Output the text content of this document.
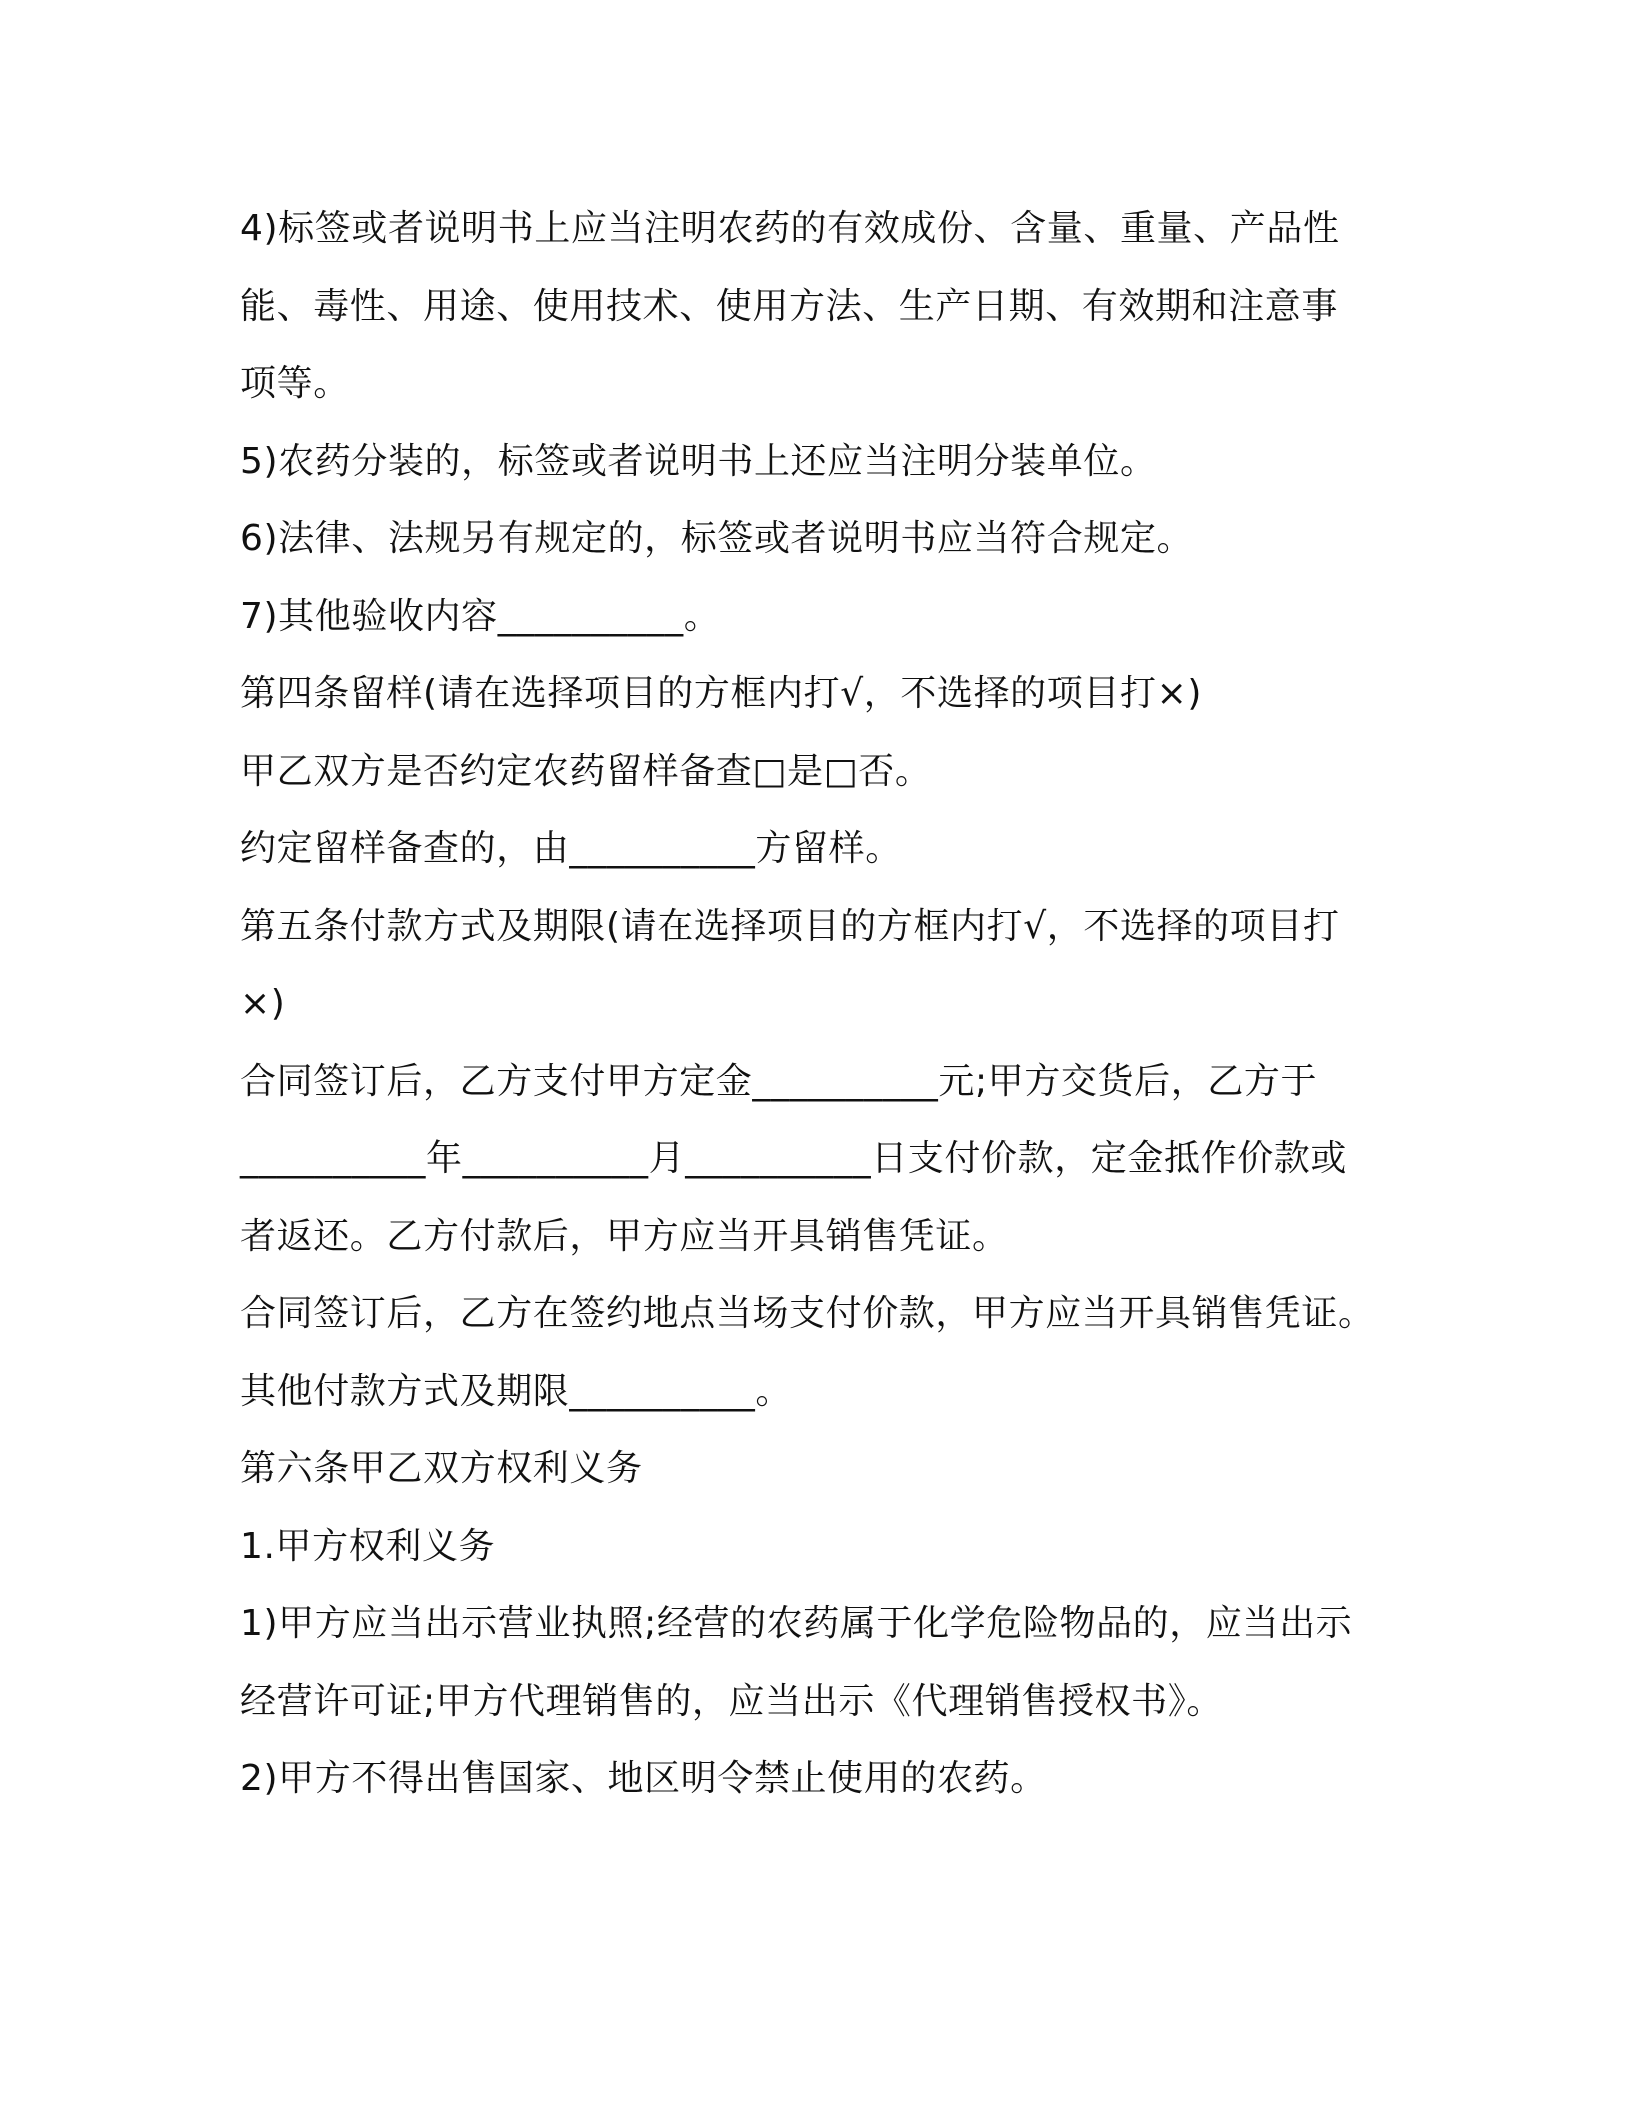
4)标签或者说明书上应当注明农药的有效成份、含量、重量、产品性
能、毒性、用途、使用技术、使用方法、生产日期、有效期和注意事
项等。
5)农药分装的，标签或者说明书上还应当注明分装单位。
6)法律、法规另有规定的，标签或者说明书应当符合规定。
7)其他验收内容__________。
第四条留样(请在选择项目的方框内打√，不选择的项目打×)
甲乙双方是否约定农药留样备查□是□否。
约定留样备查的，由__________方留样。
第五条付款方式及期限(请在选择项目的方框内打√，不选择的项目打
×)
合同签订后，乙方支付甲方定金__________元;甲方交货后，乙方于
__________年__________月__________日支付价款，定金抵作价款或
者返还。乙方付款后，甲方应当开具销售凭证。
合同签订后，乙方在签约地点当场支付价款，甲方应当开具销售凭证。
其他付款方式及期限__________。
第六条甲乙双方权利义务
1.甲方权利义务
1)甲方应当出示营业执照;经营的农药属于化学危险物品的，应当出示
经营许可证;甲方代理销售的，应当出示《代理销售授权书》。
2)甲方不得出售国家、地区明令禁止使用的农药。
